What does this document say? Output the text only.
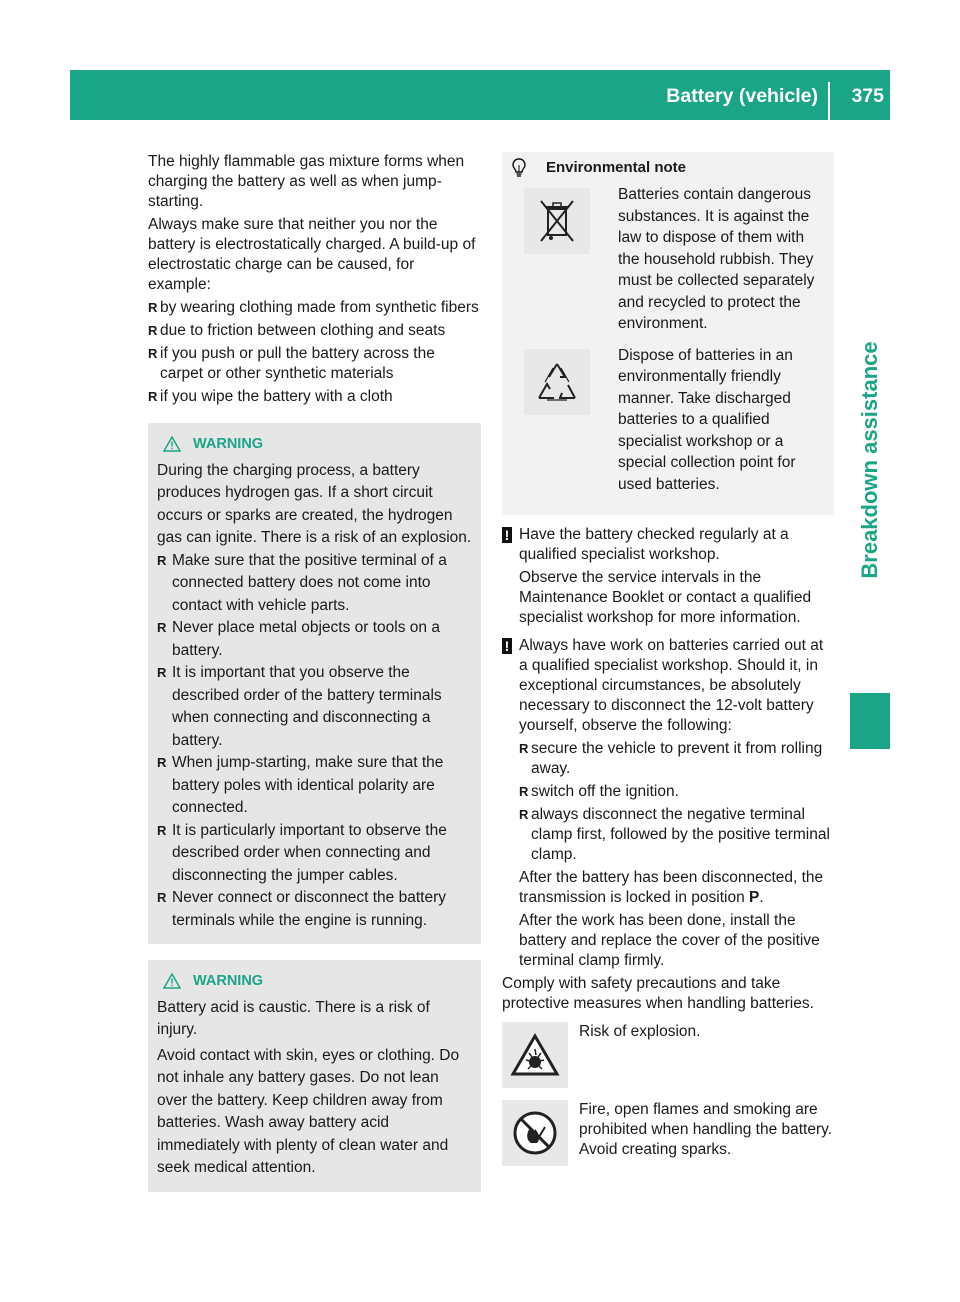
Battery (vehicle) 375
Breakdown assistance

The highly flammable gas mixture forms when charging the battery as well as when jump-starting.

Always make sure that neither you nor the battery is electrostatically charged. A build-up of electrostatic charge can be caused, for example:

R by wearing clothing made from synthetic fibers
R due to friction between clothing and seats
R if you push or pull the battery across the carpet or other synthetic materials
R if you wipe the battery with a cloth
WARNING

During the charging process, a battery produces hydrogen gas. If a short circuit occurs or sparks are created, the hydrogen gas can ignite. There is a risk of an explosion.

R Make sure that the positive terminal of a connected battery does not come into contact with vehicle parts.
R Never place metal objects or tools on a battery.
R It is important that you observe the described order of the battery terminals when connecting and disconnecting a battery.
R When jump-starting, make sure that the battery poles with identical polarity are connected.
R It is particularly important to observe the described order when connecting and disconnecting the jumper cables.
R Never connect or disconnect the battery terminals while the engine is running.
WARNING

Battery acid is caustic. There is a risk of injury.

Avoid contact with skin, eyes or clothing. Do not inhale any battery gases. Do not lean over the battery. Keep children away from batteries. Wash away battery acid immediately with plenty of clean water and seek medical attention.

Environmental note
Batteries contain dangerous substances. It is against the law to dispose of them with the household rubbish. They must be collected separately and recycled to protect the environment.
Dispose of batteries in an environmentally friendly manner. Take discharged batteries to a qualified specialist workshop or a special collection point for used batteries.
! Have the battery checked regularly at a qualified specialist workshop.

Observe the service intervals in the Maintenance Booklet or contact a qualified specialist workshop for more information.

! Always have work on batteries carried out at a qualified specialist workshop. Should it, in exceptional circumstances, be absolutely necessary to disconnect the 12-volt battery yourself, observe the following:

R secure the vehicle to prevent it from rolling away.
R switch off the ignition.
R always disconnect the negative terminal clamp first, followed by the positive terminal clamp.

After the battery has been disconnected, the transmission is locked in position P.

After the work has been done, install the battery and replace the cover of the positive terminal clamp firmly.

Comply with safety precautions and take protective measures when handling batteries.

Risk of explosion.
Fire, open flames and smoking are prohibited when handling the battery. Avoid creating sparks.
